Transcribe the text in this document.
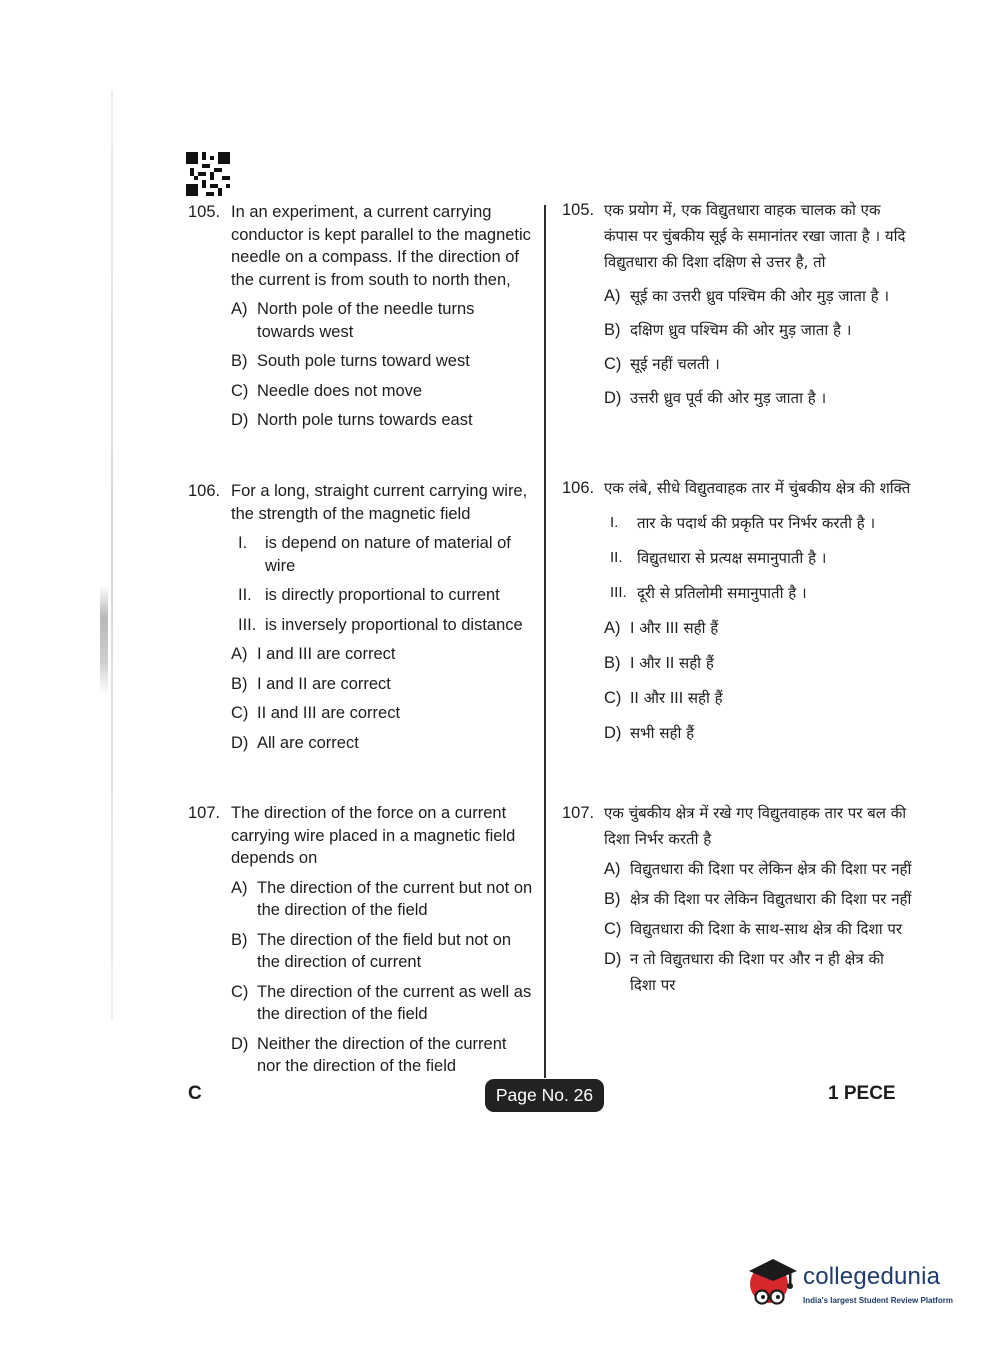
105. In an experiment, a current carrying conductor is kept parallel to the magnetic needle on a compass. If the direction of the current is from south to north then,
A) North pole of the needle turns towards west
B) South pole turns toward west
C) Needle does not move
D) North pole turns towards east
106. For a long, straight current carrying wire, the strength of the magnetic field
I.	is depend on nature of material of wire
II. is directly proportional to current
III. is inversely proportional to distance
A) I and III are correct
B) I and II are correct
C) II and III are correct
D) All are correct
107. The direction of the force on a current carrying wire placed in a magnetic field depends on
A) The direction of the current but not on the direction of the field
B) The direction of the field but not on the direction of current
C) The direction of the current as well as the direction of the field
D) Neither the direction of the current nor the direction of the field
105. एक प्रयोग में, एक विद्युतधारा वाहक चालक को एक कंपास पर चुंबकीय सूई के समानांतर रखा जाता है । यदि विद्युतधारा की दिशा दक्षिण से उत्तर है, तो
A) सूई का उत्तरी ध्रुव पश्चिम की ओर मुड़ जाता है ।
B) दक्षिण ध्रुव पश्चिम की ओर मुड़ जाता है ।
C) सूई नहीं चलती ।
D) उत्तरी ध्रुव पूर्व की ओर मुड़ जाता है ।
106. एक लंबे, सीधे विद्युतवाहक तार में चुंबकीय क्षेत्र की शक्ति
I.	तार के पदार्थ की प्रकृति पर निर्भर करती है ।
II. विद्युतधारा से प्रत्यक्ष समानुपाती है ।
III. दूरी से प्रतिलोमी समानुपाती है ।
A) I और III सही हैं
B) I और II सही हैं
C) II और III सही हैं
D) सभी सही हैं
107. एक चुंबकीय क्षेत्र में रखे गए विद्युतवाहक तार पर बल की दिशा निर्भर करती है
A) विद्युतधारा की दिशा पर लेकिन क्षेत्र की दिशा पर नहीं
B) क्षेत्र की दिशा पर लेकिन विद्युतधारा की दिशा पर नहीं
C) विद्युतधारा की दिशा के साथ-साथ क्षेत्र की दिशा पर
D) न तो विद्युतधारा की दिशा पर और न ही क्षेत्र की दिशा पर
C	Page No. 26	1 PECE
collegedunia
India's largest Student Review Platform
